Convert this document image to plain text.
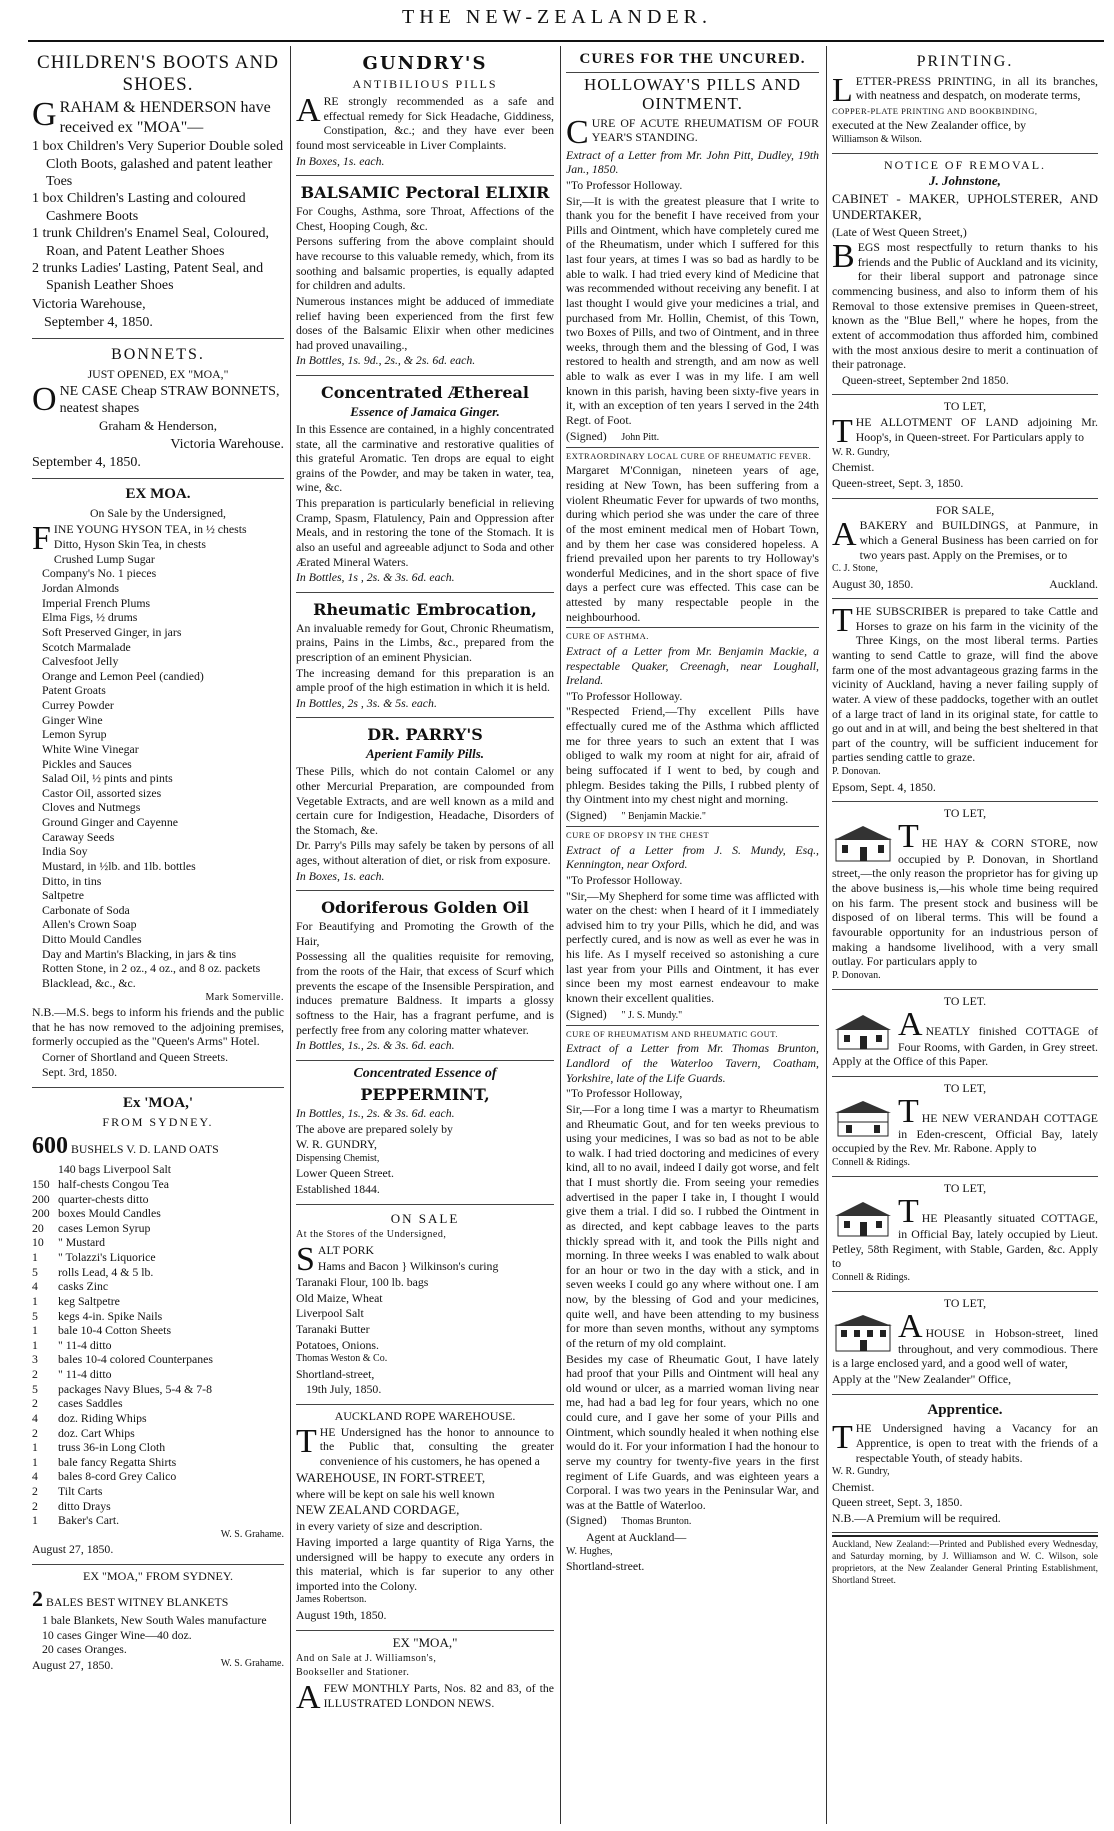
THE NEW-ZEALANDER.
CHILDREN'S BOOTS AND SHOES.

GRAHAM & HENDERSON have received ex "MOA"—

1 box Children's Very Superior Double soled Cloth Boots, galashed and patent leather Toes

1 box Children's Lasting and coloured Cashmere Boots

1 trunk Children's Enamel Seal, Coloured, Roan, and Patent Leather Shoes

2 trunks Ladies' Lasting, Patent Seal, and Spanish Leather Shoes

Victoria Warehouse,

September 4, 1850.

BONNETS.

JUST OPENED, EX "MOA,"

ONE CASE Cheap STRAW BONNETS, neatest shapes

Graham & Henderson,

Victoria Warehouse.

September 4, 1850.

EX MOA.

On Sale by the Undersigned,

FINE YOUNG HYSON TEA, in ½ chests

Ditto, Hyson Skin Tea, in chests

Crushed Lump Sugar

Company's No. 1 pieces

Jordan Almonds

Imperial French Plums

Elma Figs, ½ drums

Soft Preserved Ginger, in jars

Scotch Marmalade

Calvesfoot Jelly

Orange and Lemon Peel (candied)

Patent Groats

Currey Powder

Ginger Wine

Lemon Syrup

White Wine Vinegar

Pickles and Sauces

Salad Oil, ½ pints and pints

Castor Oil, assorted sizes

Cloves and Nutmegs

Ground Ginger and Cayenne

Caraway Seeds

India Soy

Mustard, in ½lb. and 1lb. bottles

Ditto, in tins

Saltpetre

Carbonate of Soda

Allen's Crown Soap

Ditto Mould Candles

Day and Martin's Blacking, in jars & tins

Rotten Stone, in 2 oz., 4 oz., and 8 oz. packets

Blacklead, &c., &c.

Mark Somerville.

N.B.—M.S. begs to inform his friends and the public that he has now removed to the adjoining premises, formerly occupied as the "Queen's Arms" Hotel.

Corner of Shortland and Queen Streets.

Sept. 3rd, 1850.

Ex 'MOA,'
FROM SYDNEY.

600 BUSHELS V. D. LAND OATS

140 bags Liverpool Salt

150 half-chests Congou Tea

200 quarter-chests ditto

200 boxes Mould Candles

20 cases Lemon Syrup

10 " Mustard

1 " Tolazzi's Liquorice

5 rolls Lead, 4 & 5 lb.

4 casks Zinc

1 keg Saltpetre

5 kegs 4-in. Spike Nails

1 bale 10-4 Cotton Sheets

1 " 11-4 ditto

3 bales 10-4 colored Counterpanes

2 " 11-4 ditto

5 packages Navy Blues, 5-4 & 7-8

2 cases Saddles

4 doz. Riding Whips

2 doz. Cart Whips

1 truss 36-in Long Cloth

1 bale fancy Regatta Shirts

4 bales 8-cord Grey Calico

2 Tilt Carts

2 ditto Drays

1 Baker's Cart.

W. S. Grahame.

August 27, 1850.

EX "MOA," FROM SYDNEY.

2 BALES BEST WITNEY BLANKETS

1 bale Blankets, New South Wales manufacture

10 cases Ginger Wine—40 doz.

20 cases Oranges.

August 27, 1850.	W. S. Grahame.

GUNDRY'S
ANTIBILIOUS PILLS

ARE strongly recommended as a safe and effectual remedy for Sick Headache, Giddiness, Constipation, &c.; and they have ever been found most serviceable in Liver Complaints.

In Boxes, 1s. each.

BALSAMIC Pectoral ELIXIR

For Coughs, Asthma, sore Throat, Affections of the Chest, Hooping Cough, &c.

Persons suffering from the above complaint should have recourse to this valuable remedy, which, from its soothing and balsamic properties, is equally adapted for children and adults.

Numerous instances might be adduced of immediate relief having been experienced from the first few doses of the Balsamic Elixir when other medicines had proved unavailing.,

In Bottles, 1s. 9d., 2s., & 2s. 6d. each.

Concentrated Æthereal
Essence of Jamaica Ginger.

In this Essence are contained, in a highly concentrated state, all the carminative and restorative qualities of this grateful Aromatic. Ten drops are equal to eight grains of the Powder, and may be taken in water, tea, wine, &c.

This preparation is particularly beneficial in relieving Cramp, Spasm, Flatulency, Pain and Oppression after Meals, and in restoring the tone of the Stomach. It is also an useful and agreeable adjunct to Soda and other Ærated Mineral Waters.

In Bottles, 1s , 2s. & 3s. 6d. each.

Rheumatic Embrocation,

An invaluable remedy for Gout, Chronic Rheumatism, prains, Pains in the Limbs, &c., prepared from the prescription of an eminent Physician.

The increasing demand for this preparation is an ample proof of the high estimation in which it is held.

In Bottles, 2s , 3s. & 5s. each.

DR. PARRY'S
Aperient Family Pills.

These Pills, which do not contain Calomel or any other Mercurial Preparation, are compounded from Vegetable Extracts, and are well known as a mild and certain cure for Indigestion, Headache, Disorders of the Stomach, &e.

Dr. Parry's Pills may safely be taken by persons of all ages, without alteration of diet, or risk from exposure.

In Boxes, 1s. each.

Odoriferous Golden Oil

For Beautifying and Promoting the Growth of the Hair,

Possessing all the qualities requisite for removing, from the roots of the Hair, that excess of Scurf which prevents the escape of the Insensible Perspiration, and induces premature Baldness. It imparts a glossy softness to the Hair, has a fragrant perfume, and is perfectly free from any coloring matter whatever.

In Bottles, 1s., 2s. & 3s. 6d. each.

Concentrated Essence of
PEPPERMINT,

In Bottles, 1s., 2s. & 3s. 6d. each.

The above are prepared solely by

W. R. GUNDRY,

Dispensing Chemist,

Lower Queen Street.

Established 1844.

ON SALE

At the Stores of the Undersigned,

SALT PORK

Hams and Bacon } Wilkinson's curing

Taranaki Flour, 100 lb. bags

Old Maize, Wheat

Liverpool Salt

Taranaki Butter

Potatoes, Onions.

Thomas Weston & Co.

Shortland-street,

19th July, 1850.

AUCKLAND ROPE WAREHOUSE.

THE Undersigned has the honor to announce to the Public that, consulting the greater convenience of his customers, he has opened a

WAREHOUSE, IN FORT-STREET,

where will be kept on sale his well known

NEW ZEALAND CORDAGE,

in every variety of size and description.

Having imported a large quantity of Riga Yarns, the undersigned will be happy to execute any orders in this material, which is far superior to any other imported into the Colony.

James Robertson.

August 19th, 1850.

EX "MOA,"

And on Sale at J. Williamson's,

Bookseller and Stationer.

AFEW MONTHLY Parts, Nos. 82 and 83, of the ILLUSTRATED LONDON NEWS.

CURES FOR THE UNCURED.
HOLLOWAY'S PILLS AND OINTMENT.

CURE OF ACUTE RHEUMATISM OF FOUR YEAR'S STANDING.

Extract of a Letter from Mr. John Pitt, Dudley, 19th Jan., 1850.

"To Professor Holloway.

Sir,—It is with the greatest pleasure that I write to thank you for the benefit I have received from your Pills and Ointment, which have completely cured me of the Rheumatism, under which I suffered for this last four years, at times I was so bad as hardly to be able to walk. I had tried every kind of Medicine that was recommended without receiving any benefit. I at last thought I would give your medicines a trial, and purchased from Mr. Hollin, Chemist, of this Town, two Boxes of Pills, and two of Ointment, and in three weeks, through them and the blessing of God, I was restored to health and strength, and am now as well able to walk as ever I was in my life. I am well known in this parish, having been sixty-five years in it, with an exception of ten years I served in the 24th Regt. of Foot.

(Signed) John Pitt.

EXTRAORDINARY LOCAL CURE OF RHEUMATIC FEVER.

Margaret M'Connigan, nineteen years of age, residing at New Town, has been suffering from a violent Rheumatic Fever for upwards of two months, during which period she was under the care of three of the most eminent medical men of Hobart Town, and by them her case was considered hopeless. A friend prevailed upon her parents to try Holloway's wonderful Medicines, and in the short space of five days a perfect cure was effected. This case can be attested by many respectable people in the neighbourhood.

CURE OF ASTHMA.

Extract of a Letter from Mr. Benjamin Mackie, a respectable Quaker, Creenagh, near Loughall, Ireland.

"To Professor Holloway.

"Respected Friend,—Thy excellent Pills have effectually cured me of the Asthma which afflicted me for three years to such an extent that I was obliged to walk my room at night for air, afraid of being suffocated if I went to bed, by cough and phlegm. Besides taking the Pills, I rubbed plenty of thy Ointment into my chest night and morning.

(Signed) " Benjamin Mackie."

CURE OF DROPSY IN THE CHEST

Extract of a Letter from J. S. Mundy, Esq., Kennington, near Oxford.

"To Professor Holloway.

"Sir,—My Shepherd for some time was afflicted with water on the chest: when I heard of it I immediately advised him to try your Pills, which he did, and was perfectly cured, and is now as well as ever he was in his life. As I myself received so astonishing a cure last year from your Pills and Ointment, it has ever since been my most earnest endeavour to make known their excellent qualities.

(Signed) " J. S. Mundy."

CURE OF RHEUMATISM AND RHEUMATIC GOUT.

Extract of a Letter from Mr. Thomas Brunton, Landlord of the Waterloo Tavern, Coatham, Yorkshire, late of the Life Guards.

"To Professor Holloway,

Sir,—For a long time I was a martyr to Rheumatism and Rheumatic Gout, and for ten weeks previous to using your medicines, I was so bad as not to be able to walk. I had tried doctoring and medicines of every kind, all to no avail, indeed I daily got worse, and felt that I must shortly die. From seeing your remedies advertised in the paper I take in, I thought I would give them a trial. I did so. I rubbed the Ointment in as directed, and kept cabbage leaves to the parts thickly spread with it, and took the Pills night and morning. In three weeks I was enabled to walk about for an hour or two in the day with a stick, and in seven weeks I could go any where without one. I am now, by the blessing of God and your medicines, quite well, and have been attending to my business for more than seven months, without any symptoms of the return of my old complaint.

Besides my case of Rheumatic Gout, I have lately had proof that your Pills and Ointment will heal any old wound or ulcer, as a married woman living near me, had had a bad leg for four years, which no one could cure, and I gave her some of your Pills and Ointment, which soundly healed it when nothing else would do it. For your information I had the honour to serve my country for twenty-five years in the first regiment of Life Guards, and was eighteen years a Corporal. I was two years in the Peninsular War, and was at the Battle of Waterloo.

(Signed) Thomas Brunton.

Agent at Auckland—

W. Hughes,

Shortland-street.

PRINTING.

LETTER-PRESS PRINTING, in all its branches, with neatness and despatch, on moderate terms,

COPPER-PLATE PRINTING AND BOOKBINDING,

executed at the New Zealander office, by

Williamson & Wilson.

NOTICE OF REMOVAL.
J. Johnstone,

CABINET - MAKER, UPHOLSTERER, AND UNDERTAKER,

(Late of West Queen Street,)

BEGS most respectfully to return thanks to his friends and the Public of Auckland and its vicinity, for their liberal support and patronage since commencing business, and also to inform them of his Removal to those extensive premises in Queen-street, known as the "Blue Bell," where he hopes, from the extent of accommodation thus afforded him, combined with the most anxious desire to merit a continuation of their patronage.

Queen-street, September 2nd 1850.

TO LET,

THE ALLOTMENT OF LAND adjoining Mr. Hoop's, in Queen-street. For Particulars apply to

W. R. Gundry,

Chemist.

Queen-street, Sept. 3, 1850.

FOR SALE,

ABAKERY and BUILDINGS, at Panmure, in which a General Business has been carried on for two years past. Apply on the Premises, or to

C. J. Stone,

August 30, 1850.	Auckland.

THE SUBSCRIBER is prepared to take Cattle and Horses to graze on his farm in the vicinity of the Three Kings, on the most liberal terms. Parties wanting to send Cattle to graze, will find the above farm one of the most advantageous grazing farms in the vicinity of Auckland, having a never failing supply of water. A view of these paddocks, together with an outlet of a large tract of land in its original state, for cattle to go out and in at will, and being the best sheltered in that part of the country, will be sufficient inducement for parties sending cattle to graze.

P. Donovan.

Epsom, Sept. 4, 1850.

TO LET,

THE HAY & CORN STORE, now occupied by P. Donovan, in Shortland street,—the only reason the proprietor has for giving up the above business is,—his whole time being required on his farm. The present stock and business will be disposed of on liberal terms. This will be found a favourable opportunity for an industrious person of making a handsome livelihood, with a very small outlay. For particulars apply to

P. Donovan.

TO LET.

ANEATLY finished COTTAGE of Four Rooms, with Garden, in Grey street. Apply at the Office of this Paper.

TO LET,

THE NEW VERANDAH COTTAGE in Eden-crescent, Official Bay, lately occupied by the Rev. Mr. Rabone. Apply to

Connell & Ridings.

TO LET,

THE Pleasantly situated COTTAGE, in Official Bay, lately occupied by Lieut. Petley, 58th Regiment, with Stable, Garden, &c. Apply to

Connell & Ridings.

TO LET,

AHOUSE in Hobson-street, lined throughout, and very commodious. There is a large enclosed yard, and a good well of water,

Apply at the "New Zealander" Office,

Apprentice.

THE Undersigned having a Vacancy for an Apprentice, is open to treat with the friends of a respectable Youth, of steady habits.

W. R. Gundry,

Chemist.

Queen street, Sept. 3, 1850.

N.B.—A Premium will be required.

Auckland, New Zealand:—Printed and Published every Wednesday, and Saturday morning, by J. Williamson and W. C. Wilson, sole proprietors, at the New Zealander General Printing Establishment, Shortland Street.
